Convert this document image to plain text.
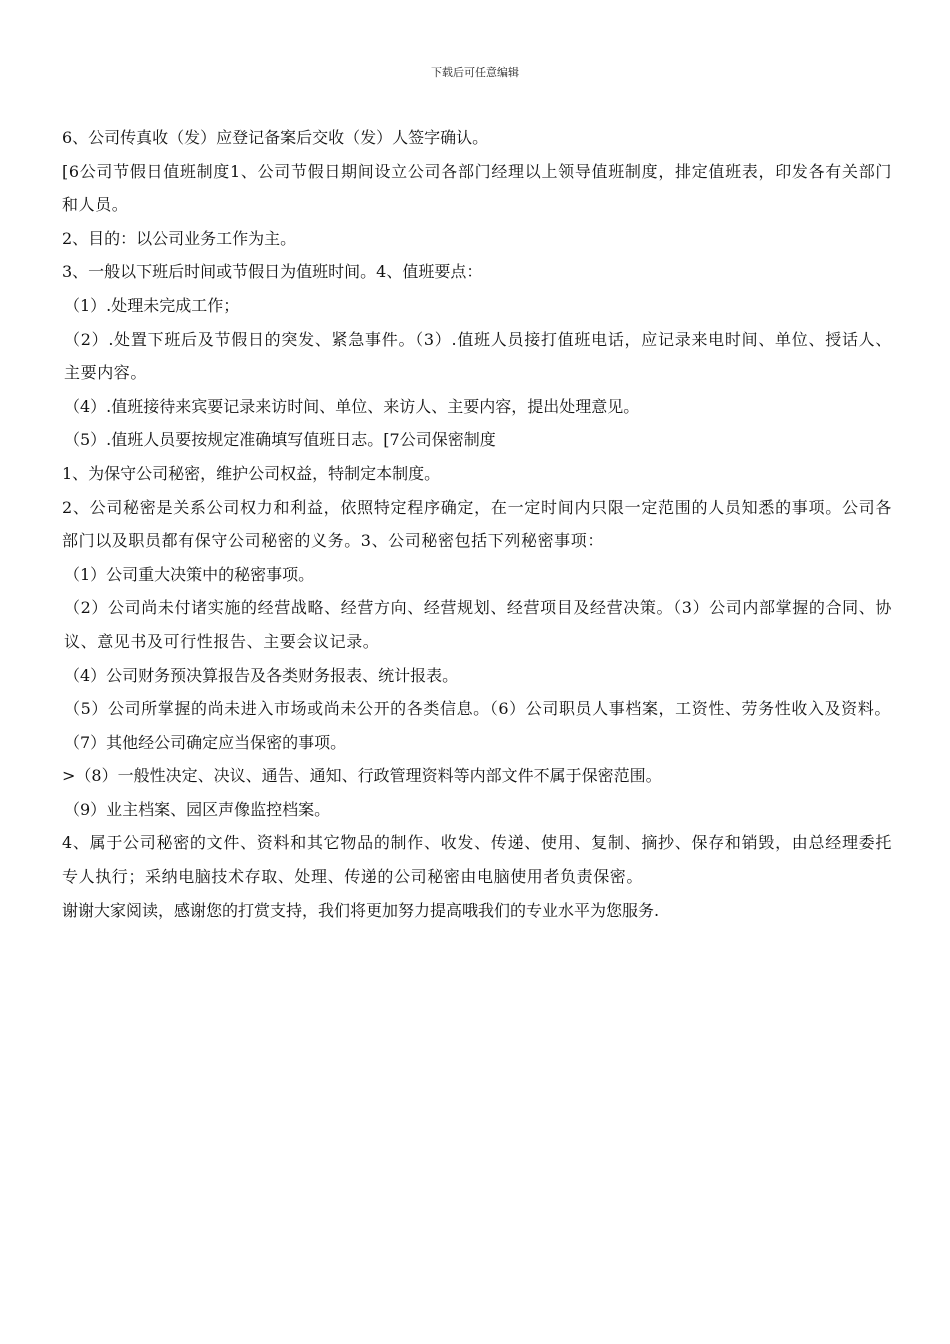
下载后可任意编辑

6、公司传真收（发）应登记备案后交收（发）人签字确认。

[6公司节假日值班制度1、公司节假日期间设立公司各部门经理以上领导值班制度，排定值班表，印发各有关部门和人员。

2、目的：以公司业务工作为主。

3、一般以下班后时间或节假日为值班时间。4、值班要点：

（1）.处理未完成工作；

（2）.处置下班后及节假日的突发、紧急事件。（3）.值班人员接打值班电话，应记录来电时间、单位、授话人、主要内容。

（4）.值班接待来宾要记录来访时间、单位、来访人、主要内容，提出处理意见。

（5）.值班人员要按规定准确填写值班日志。[7公司保密制度

1、为保守公司秘密，维护公司权益，特制定本制度。

2、公司秘密是关系公司权力和利益，依照特定程序确定，在一定时间内只限一定范围的人员知悉的事项。公司各部门以及职员都有保守公司秘密的义务。3、公司秘密包括下列秘密事项：

（1）公司重大决策中的秘密事项。

（2）公司尚未付诸实施的经营战略、经营方向、经营规划、经营项目及经营决策。（3）公司内部掌握的合同、协议、意见书及可行性报告、主要会议记录。

（4）公司财务预决算报告及各类财务报表、统计报表。

（5）公司所掌握的尚未进入市场或尚未公开的各类信息。（6）公司职员人事档案，工资性、劳务性收入及资料。

（7）其他经公司确定应当保密的事项。

>（8）一般性决定、决议、通告、通知、行政管理资料等内部文件不属于保密范围。

（9）业主档案、园区声像监控档案。

4、属于公司秘密的文件、资料和其它物品的制作、收发、传递、使用、复制、摘抄、保存和销毁，由总经理委托专人执行；采纳电脑技术存取、处理、传递的公司秘密由电脑使用者负责保密。

谢谢大家阅读，感谢您的打赏支持，我们将更加努力提高哦我们的专业水平为您服务.
